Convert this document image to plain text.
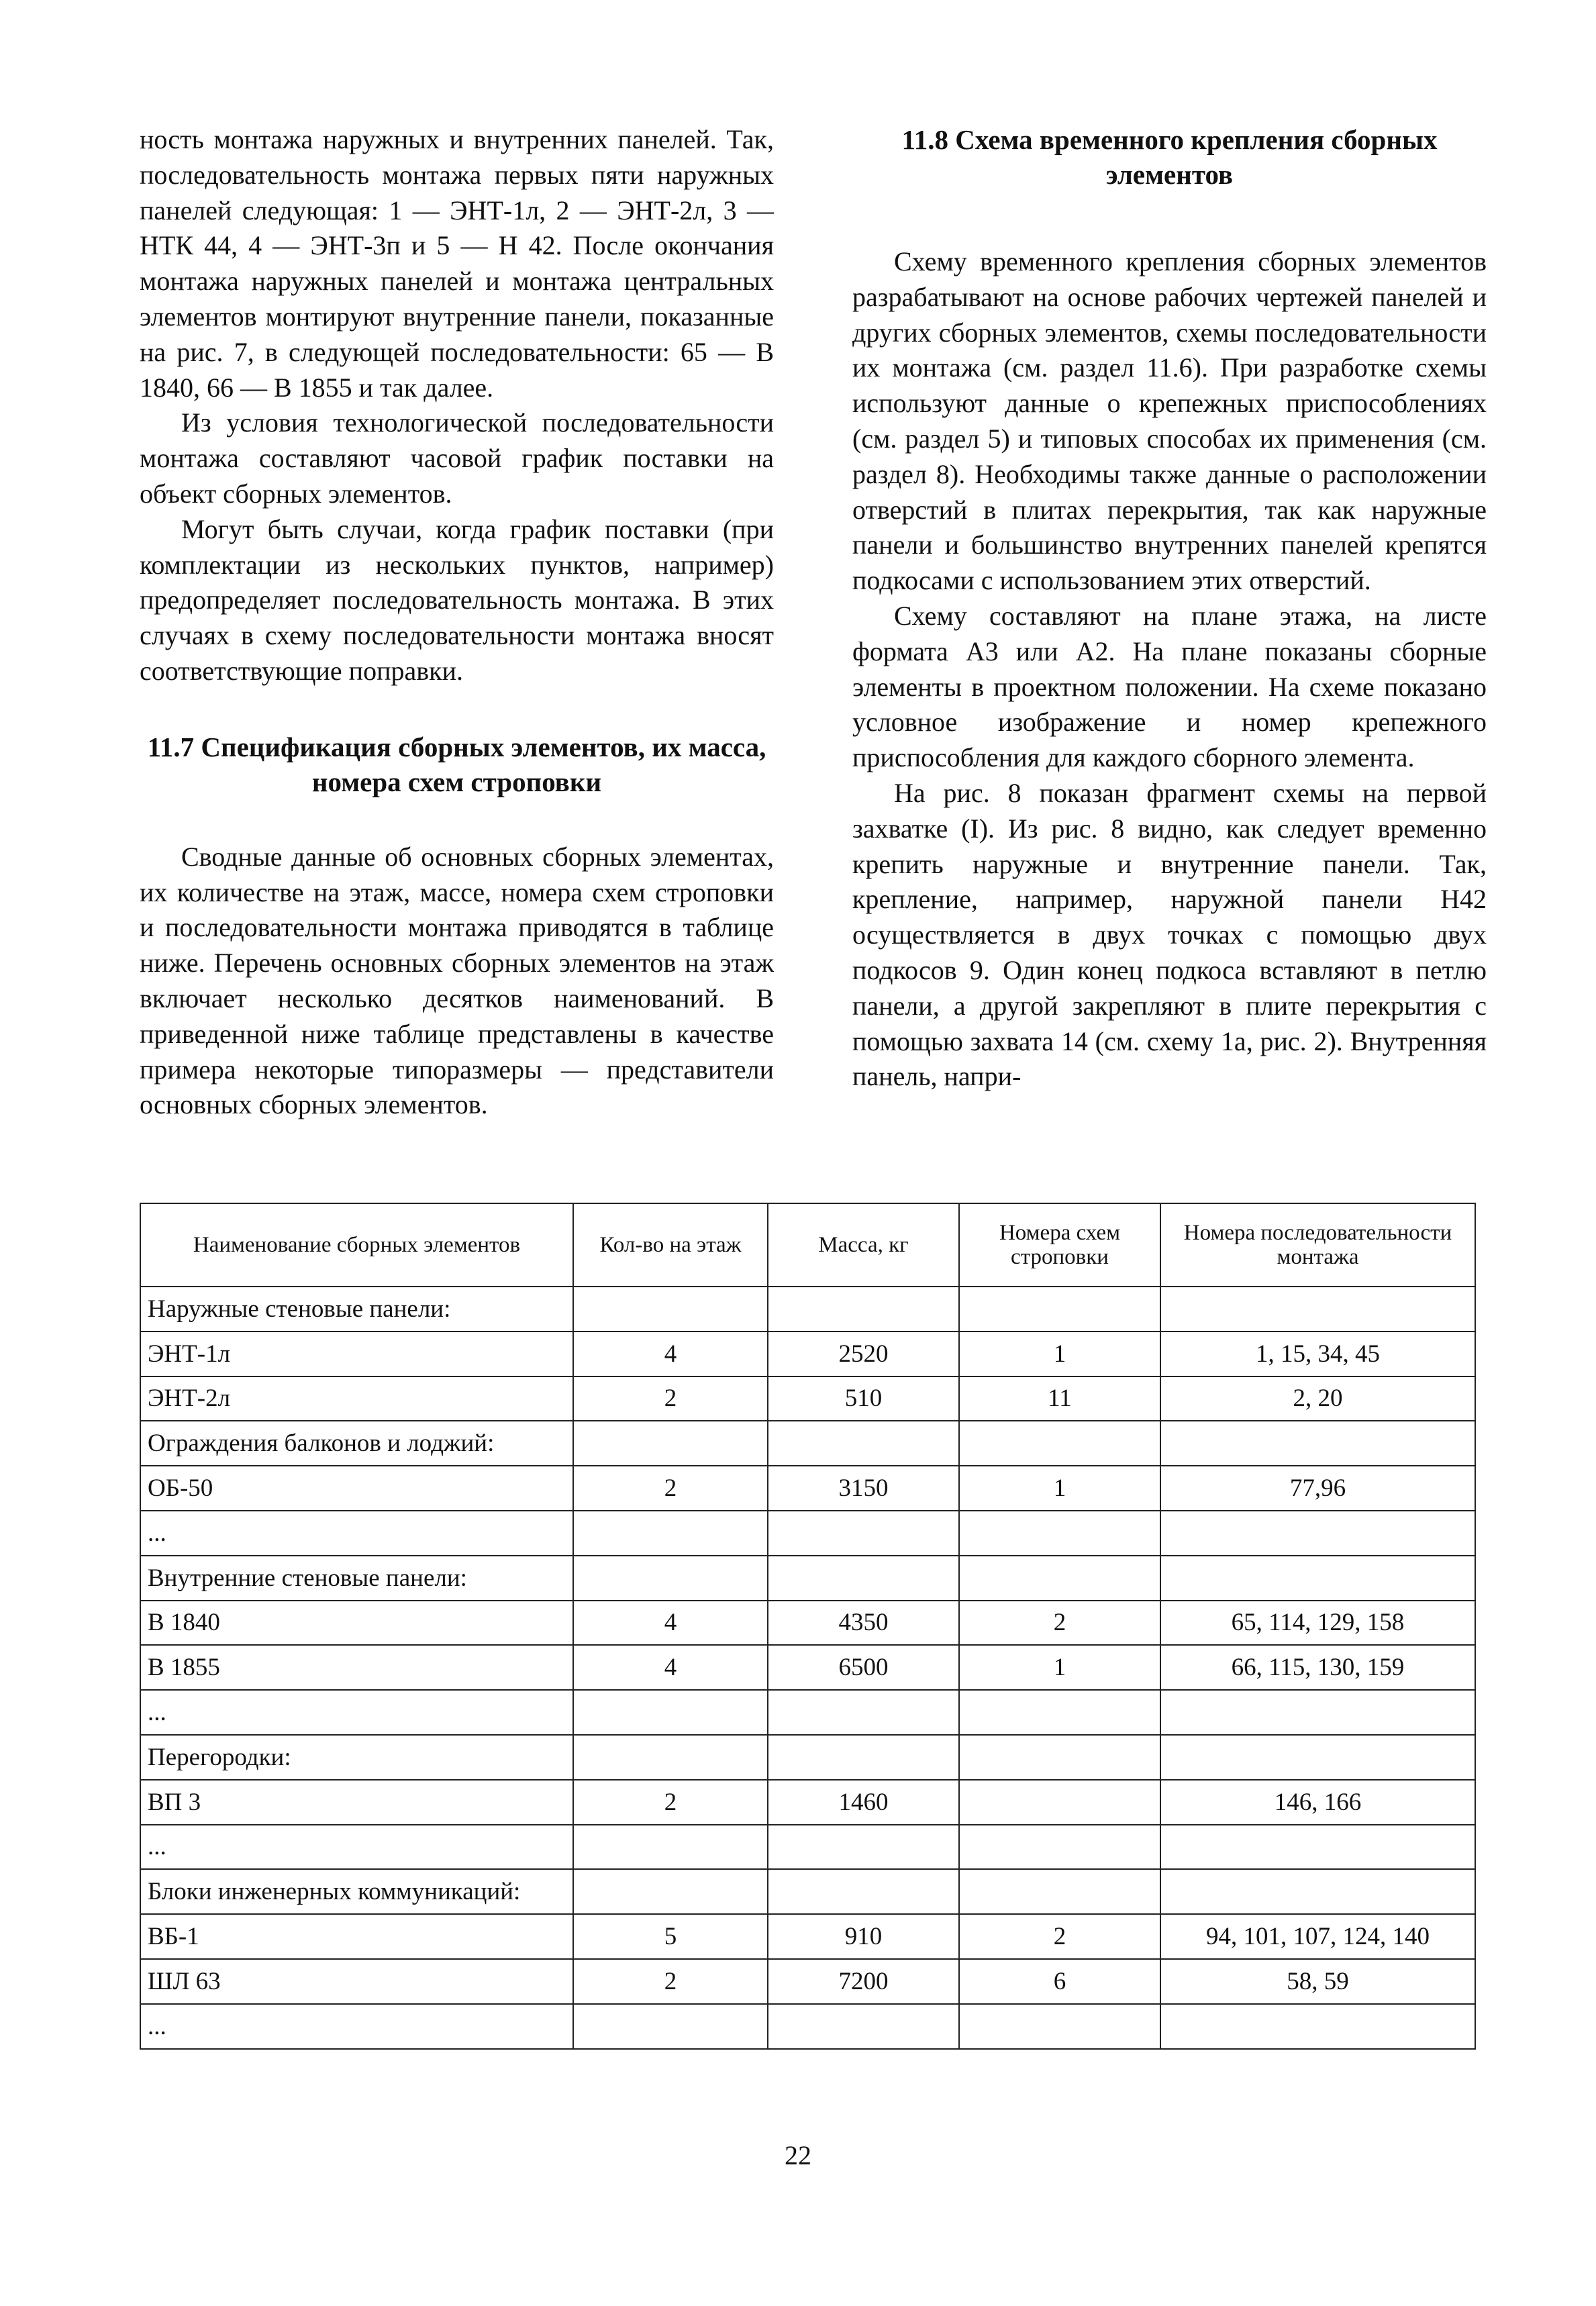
ность монтажа наружных и внутренних панелей. Так, последовательность монтажа первых пяти наружных панелей следующая: 1 — ЭНТ-1л, 2 — ЭНТ-2л, 3 — НТК 44, 4 — ЭНТ-3п и 5 — Н 42. После окончания монтажа наружных панелей и монтажа центральных элементов монтируют внутренние панели, показанные на рис. 7, в следующей последовательности: 65 — В 1840, 66 — В 1855 и так далее.

Из условия технологической последовательности монтажа составляют часовой график поставки на объект сборных элементов.

Могут быть случаи, когда график поставки (при комплектации из нескольких пунктов, например) предопределяет последовательность монтажа. В этих случаях в схему последовательности монтажа вносят соответствующие поправки.

11.7 Спецификация сборных элементов, их масса, номера схем строповки

Сводные данные об основных сборных элементах, их количестве на этаж, массе, номера схем строповки и последовательности монтажа приводятся в таблице ниже. Перечень основных сборных элементов на этаж включает несколько десятков наименований. В приведенной ниже таблице представлены в качестве примера некоторые типоразмеры — представители основных сборных элементов.

11.8 Схема временного крепления сборных элементов

Схему временного крепления сборных элементов разрабатывают на основе рабочих чертежей панелей и других сборных элементов, схемы последовательности их монтажа (см. раздел 11.6). При разработке схемы используют данные о крепежных приспособлениях (см. раздел 5) и типовых способах их применения (см. раздел 8). Необходимы также данные о расположении отверстий в плитах перекрытия, так как наружные панели и большинство внутренних панелей крепятся подкосами с использованием этих отверстий.

Схему составляют на плане этажа, на листе формата А3 или А2. На плане показаны сборные элементы в проектном положении. На схеме показано условное изображение и номер крепежного приспособления для каждого сборного элемента.

На рис. 8 показан фрагмент схемы на первой захватке (I). Из рис. 8 видно, как следует временно крепить наружные и внутренние панели. Так, крепление, например, наружной панели Н42 осуществляется в двух точках с помощью двух подкосов 9. Один конец подкоса вставляют в петлю панели, а другой закрепляют в плите перекрытия с помощью захвата 14 (см. схему 1а, рис. 2). Внутренняя панель, напри-

Наименование сборных элементов	Кол-во на этаж	Масса, кг	Номера схем строповки	Номера последовательности монтажа
Наружные стеновые панели:				
ЭНТ-1л	4	2520	1	1, 15, 34, 45
ЭНТ-2л	2	510	11	2, 20
Ограждения балконов и лоджий:				
ОБ-50	2	3150	1	77,96
...				
Внутренние стеновые панели:				
В 1840	4	4350	2	65, 114, 129, 158
В 1855	4	6500	1	66, 115, 130, 159
...				
Перегородки:				
ВП 3	2	1460		146, 166
...				
Блоки инженерных коммуникаций:				
ВБ-1	5	910	2	94, 101, 107, 124, 140
ШЛ 63	2	7200	6	58, 59
...				
22
